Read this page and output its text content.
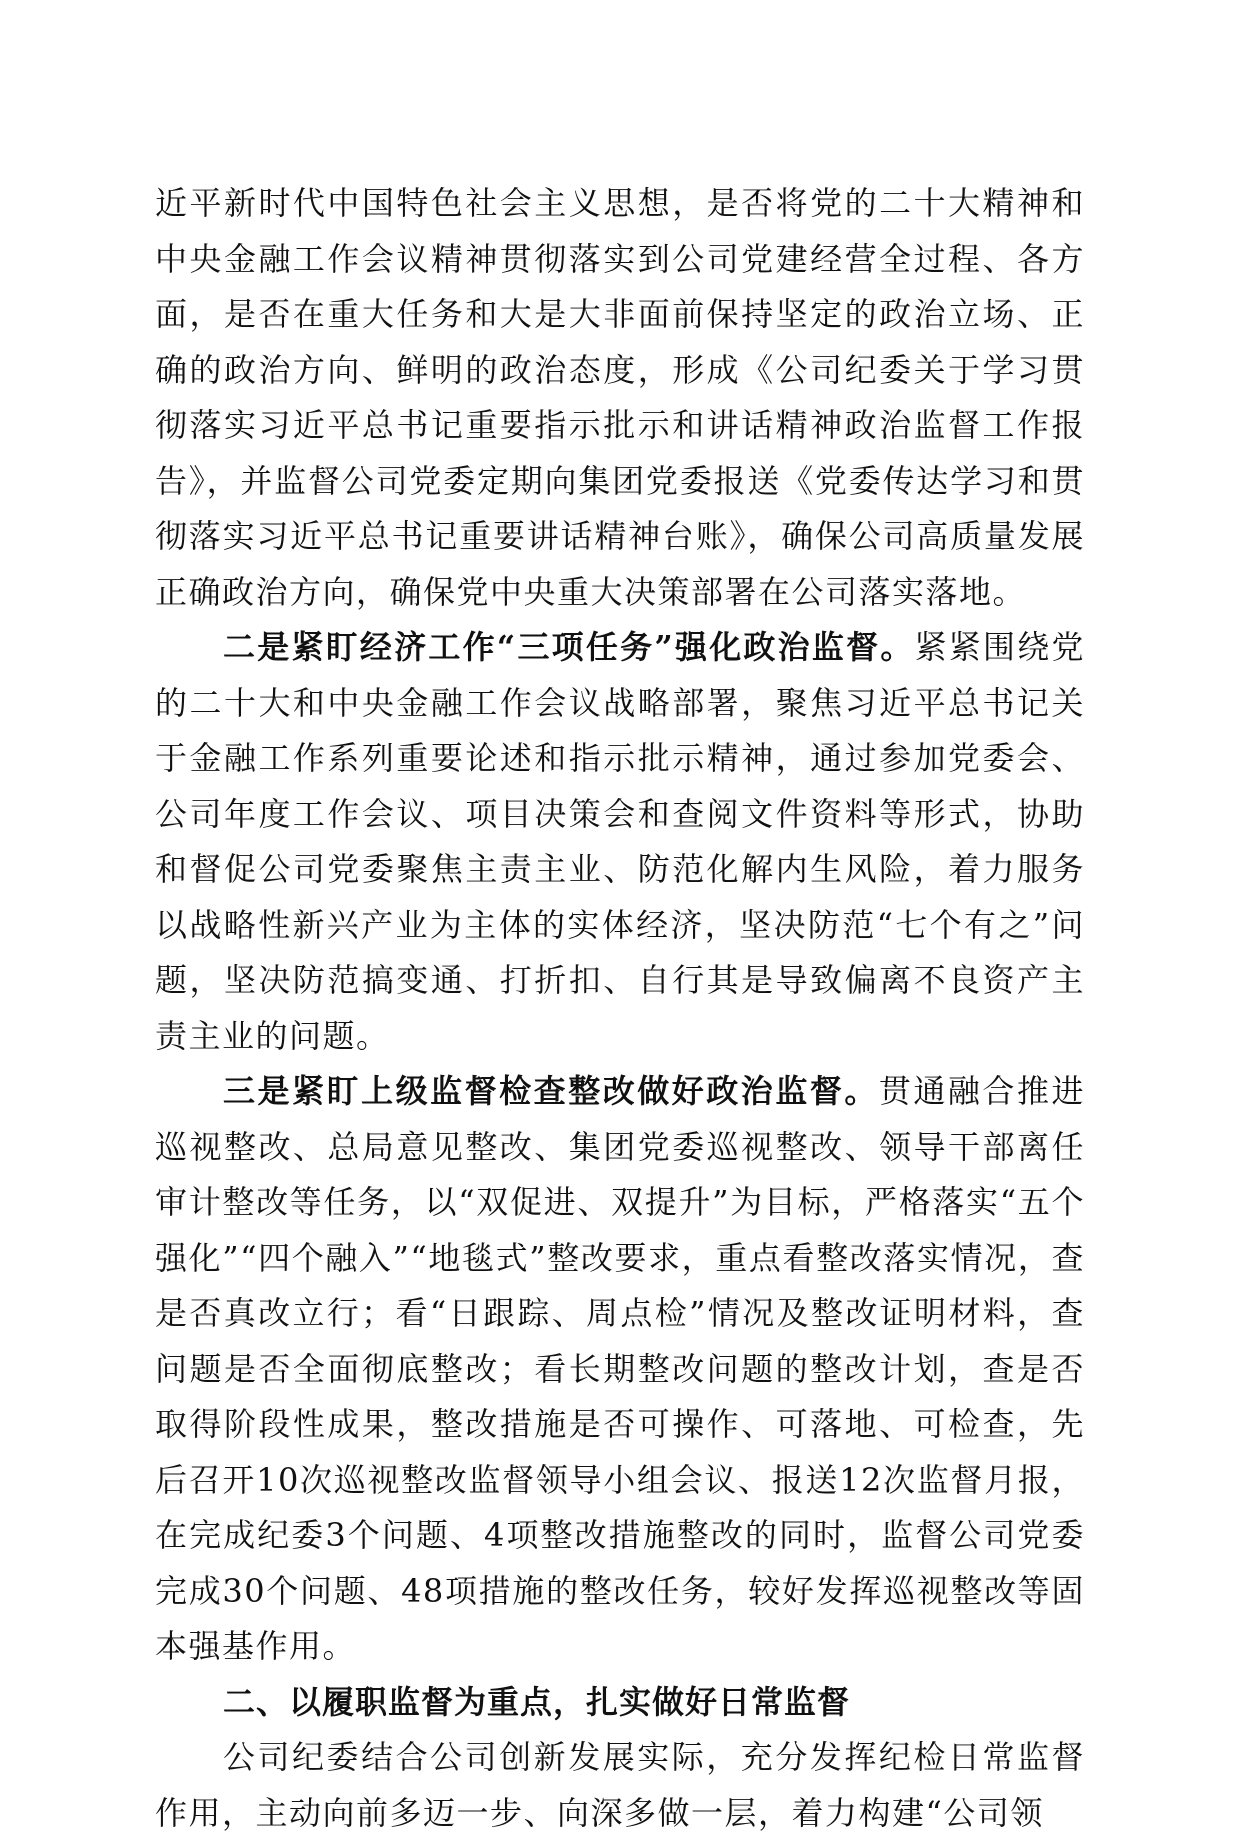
近平新时代中国特色社会主义思想，是否将党的二十大精神和中央金融工作会议精神贯彻落实到公司党建经营全过程、各方面，是否在重大任务和大是大非面前保持坚定的政治立场、正确的政治方向、鲜明的政治态度，形成《公司纪委关于学习贯彻落实习近平总书记重要指示批示和讲话精神政治监督工作报告》，并监督公司党委定期向集团党委报送《党委传达学习和贯彻落实习近平总书记重要讲话精神台账》，确保公司高质量发展正确政治方向，确保党中央重大决策部署在公司落实落地。

二是紧盯经济工作“三项任务”强化政治监督。紧紧围绕党的二十大和中央金融工作会议战略部署，聚焦习近平总书记关于金融工作系列重要论述和指示批示精神，通过参加党委会、公司年度工作会议、项目决策会和查阅文件资料等形式，协助和督促公司党委聚焦主责主业、防范化解内生风险，着力服务以战略性新兴产业为主体的实体经济，坚决防范“七个有之”问题，坚决防范搞变通、打折扣、自行其是导致偏离不良资产主责主业的问题。

三是紧盯上级监督检查整改做好政治监督。贯通融合推进巡视整改、总局意见整改、集团党委巡视整改、领导干部离任审计整改等任务，以“双促进、双提升”为目标，严格落实“五个强化”“四个融入”“地毯式”整改要求，重点看整改落实情况，查是否真改立行；看“日跟踪、周点检”情况及整改证明材料，查问题是否全面彻底整改；看长期整改问题的整改计划，查是否取得阶段性成果，整改措施是否可操作、可落地、可检查，先后召开10次巡视整改监督领导小组会议、报送12次监督月报，在完成纪委3个问题、4项整改措施整改的同时，监督公司党委完成30个问题、48项措施的整改任务，较好发挥巡视整改等固本强基作用。

二、以履职监督为重点，扎实做好日常监督

公司纪委结合公司创新发展实际，充分发挥纪检日常监督作用，主动向前多迈一步、向深多做一层，着力构建“公司领
